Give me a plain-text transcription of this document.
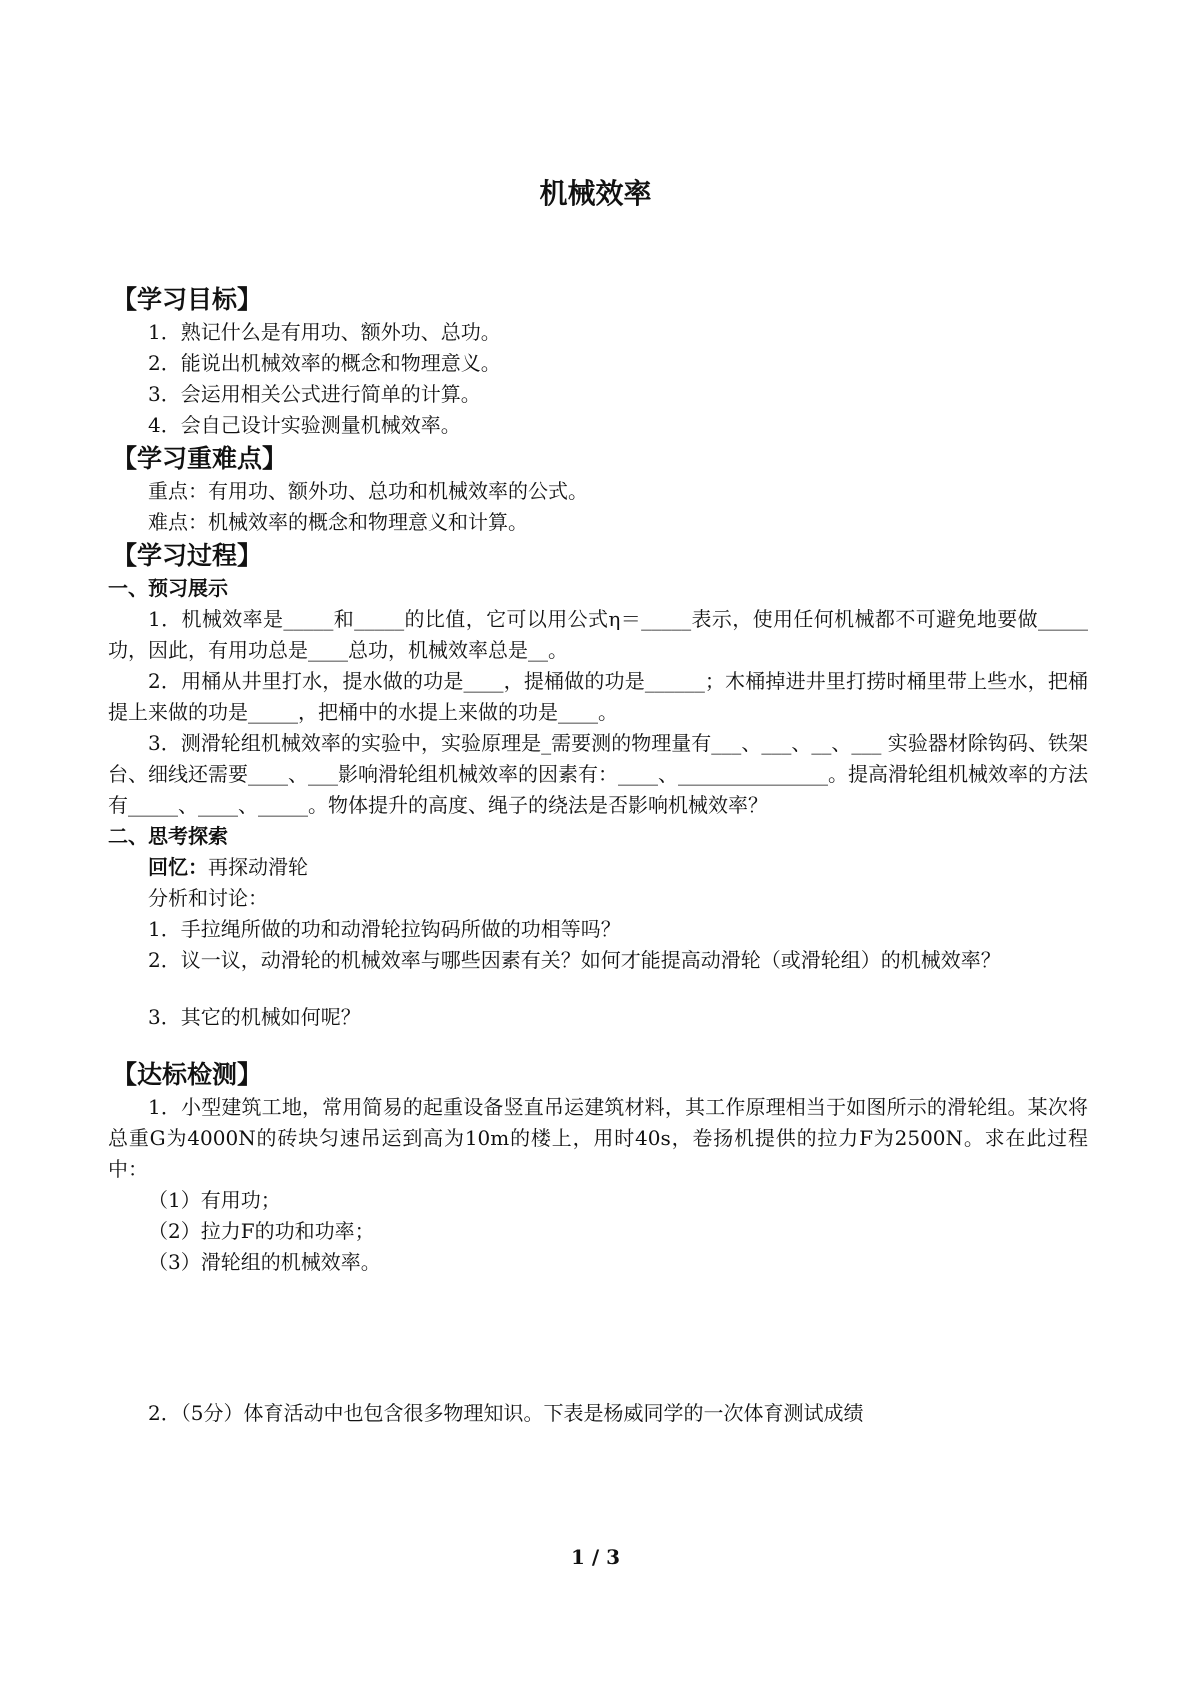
机械效率
【学习目标】
1．熟记什么是有用功、额外功、总功。
2．能说出机械效率的概念和物理意义。
3．会运用相关公式进行简单的计算。
4．会自己设计实验测量机械效率。
【学习重难点】
重点：有用功、额外功、总功和机械效率的公式。
难点：机械效率的概念和物理意义和计算。
【学习过程】
一、预习展示
1．机械效率是_____和_____的比值，它可以用公式η＝_____表示，使用任何机械都不可避免地要做_____功，因此，有用功总是____总功，机械效率总是__。
2．用桶从井里打水，提水做的功是____，提桶做的功是______；木桶掉进井里打捞时桶里带上些水，把桶提上来做的功是_____，把桶中的水提上来做的功是____。
3．测滑轮组机械效率的实验中，实验原理是_需要测的物理量有___、___、__、___ 实验器材除钩码、铁架台、细线还需要____、___影响滑轮组机械效率的因素有：____、_______________。提高滑轮组机械效率的方法有_____、____、_____。物体提升的高度、绳子的绕法是否影响机械效率？
二、思考探索
回忆：再探动滑轮
分析和讨论：
1．手拉绳所做的功和动滑轮拉钩码所做的功相等吗？
2．议一议，动滑轮的机械效率与哪些因素有关？如何才能提高动滑轮（或滑轮组）的机械效率？
3．其它的机械如何呢？
【达标检测】
1．小型建筑工地，常用简易的起重设备竖直吊运建筑材料，其工作原理相当于如图所示的滑轮组。某次将总重G为4000N的砖块匀速吊运到高为10m的楼上，用时40s，卷扬机提供的拉力F为2500N。求在此过程中：
（1）有用功；
（2）拉力F的功和功率；
（3）滑轮组的机械效率。
2．（5分）体育活动中也包含很多物理知识。下表是杨威同学的一次体育测试成绩
1 / 3
